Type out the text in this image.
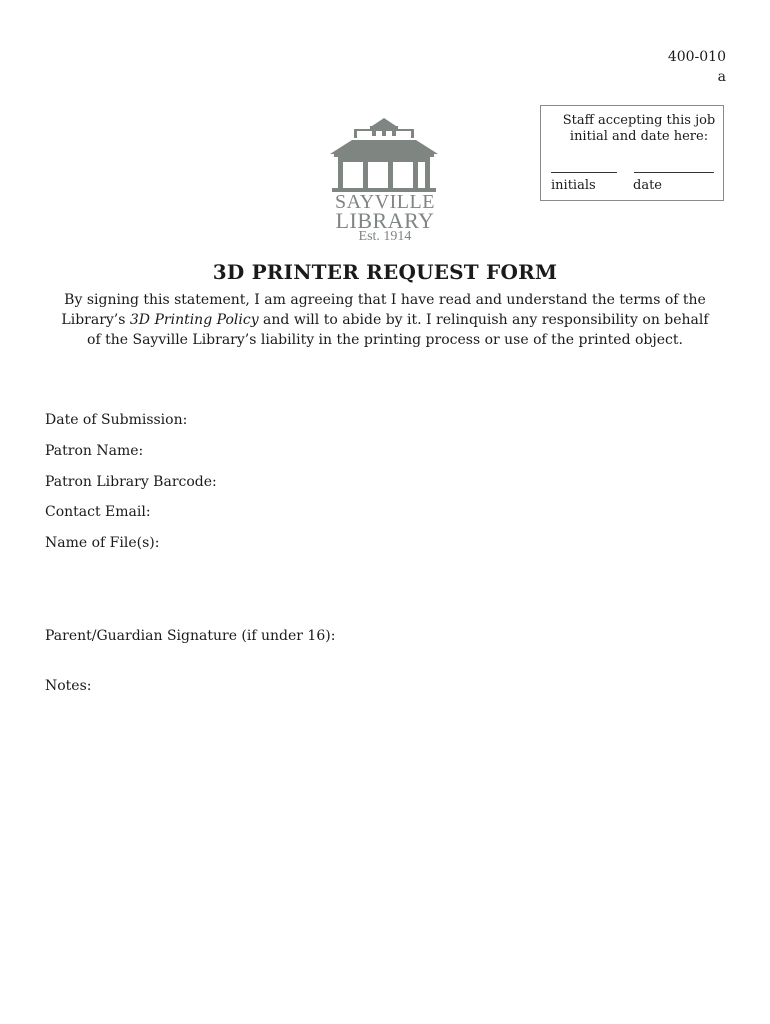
400-010
a
Staff accepting this job initial and date here:
initials	date
SAYVILLE
LIBRARY
Est. 1914
3D PRINTER REQUEST FORM
By signing this statement, I am agreeing that I have read and understand the terms of the Library’s 3D Printing Policy and will to abide by it. I relinquish any responsibility on behalf of the Sayville Library’s liability in the printing process or use of the printed object.
Date of Submission:
Patron Name:
Patron Library Barcode:
Contact Email:
Name of File(s):
Parent/Guardian Signature (if under 16):
Notes:
